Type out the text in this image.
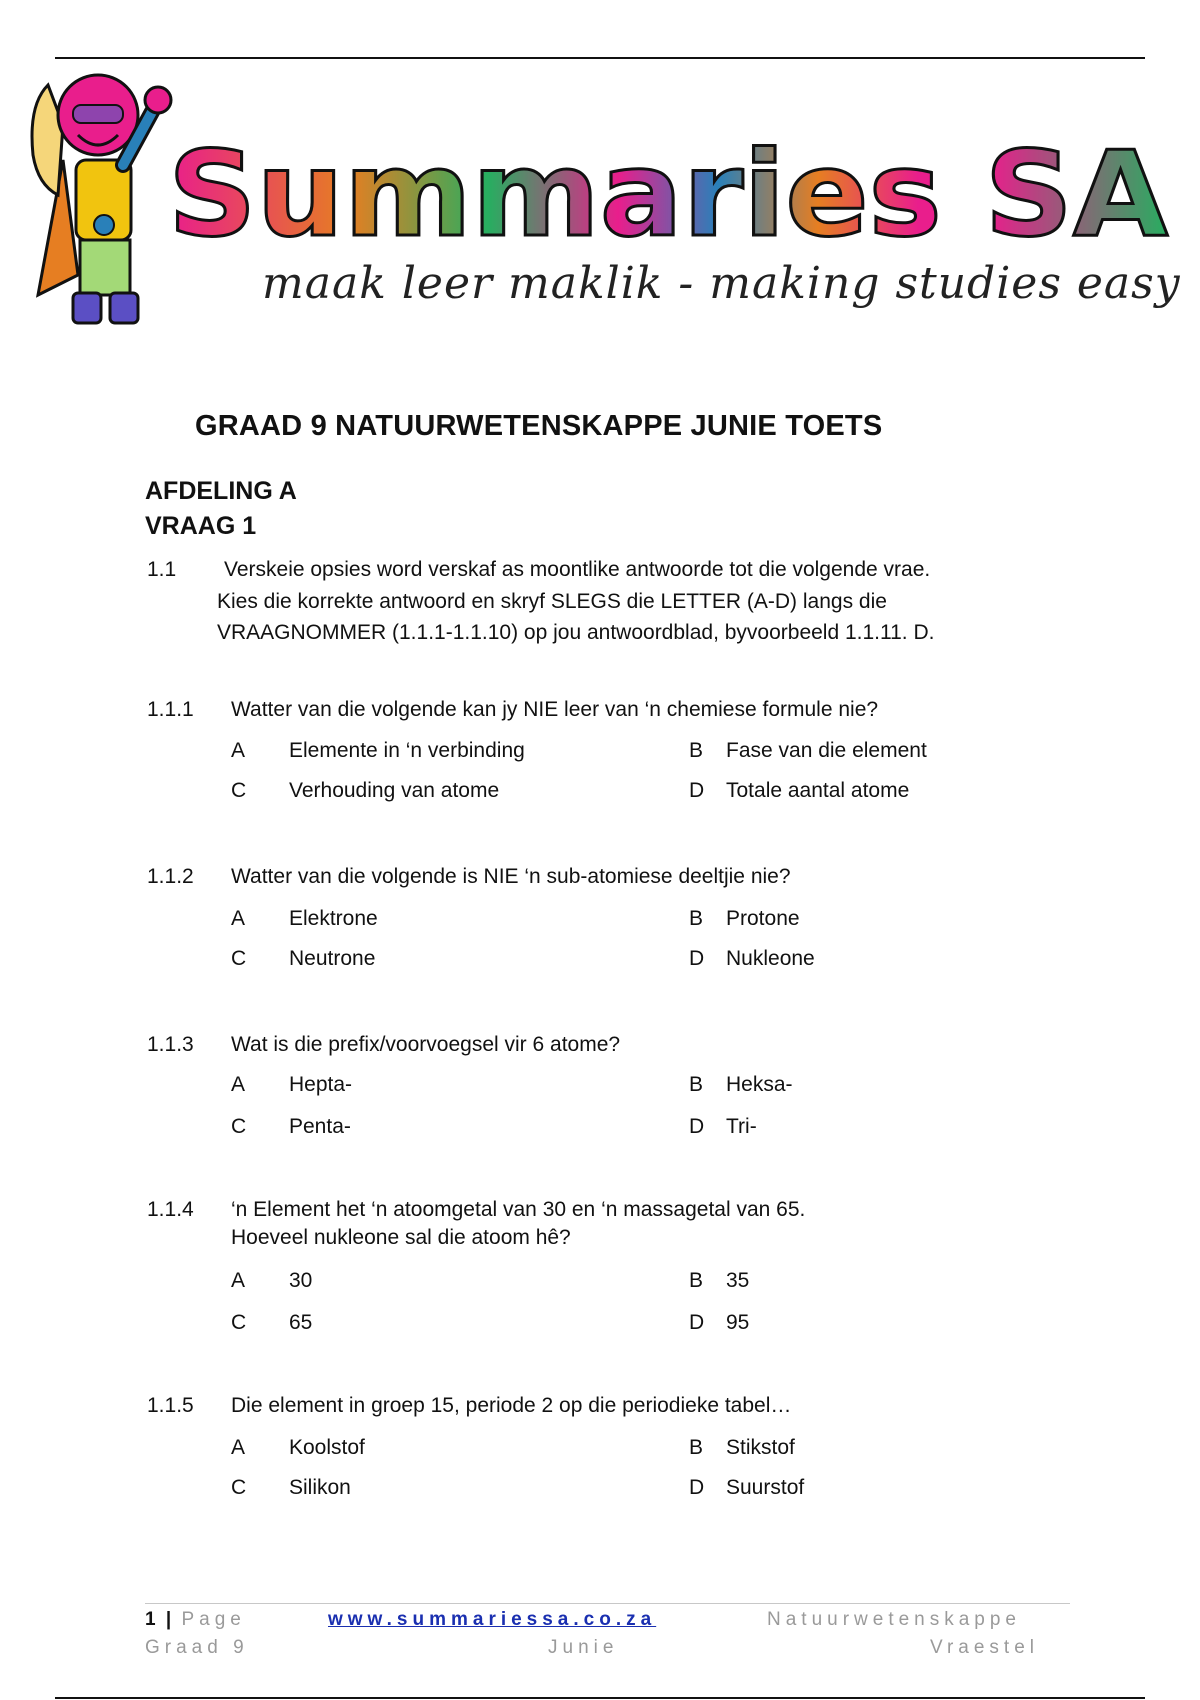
Summaries SA
maak leer maklik - making studies easy
GRAAD 9 NATUURWETENSKAPPE JUNIE TOETS
AFDELING A
VRAAG 1
1.1 Verskeie opsies word verskaf as moontlike antwoorde tot die volgende vrae.
Kies die korrekte antwoord en skryf SLEGS die LETTER (A-D) langs die
VRAAGNOMMER (1.1.1-1.1.10) op jou antwoordblad, byvoorbeeld 1.1.11. D.
1.1.1 Watter van die volgende kan jy NIE leer van ‘n chemiese formule nie?
A Elemente in ‘n verbinding	B Fase van die element
C Verhouding van atome	D Totale aantal atome
1.1.2 Watter van die volgende is NIE ‘n sub-atomiese deeltjie nie?
A Elektrone	B Protone
C Neutrone	D Nukleone
1.1.3 Wat is die prefix/voorvoegsel vir 6 atome?
A Hepta-	B Heksa-
C Penta-	D Tri-
1.1.4 ‘n Element het ‘n atoomgetal van 30 en ‘n massagetal van 65.
Hoeveel nukleone sal die atoom hê?
A 30	B 35
C 65	D 95
1.1.5 Die element in groep 15, periode 2 op die periodieke tabel…
A Koolstof	B Stikstof
C Silikon	D Suurstof
1 | Page
Graad 9
www.summariessa.co.za
Junie
Natuurwetenskappe
Vraestel
